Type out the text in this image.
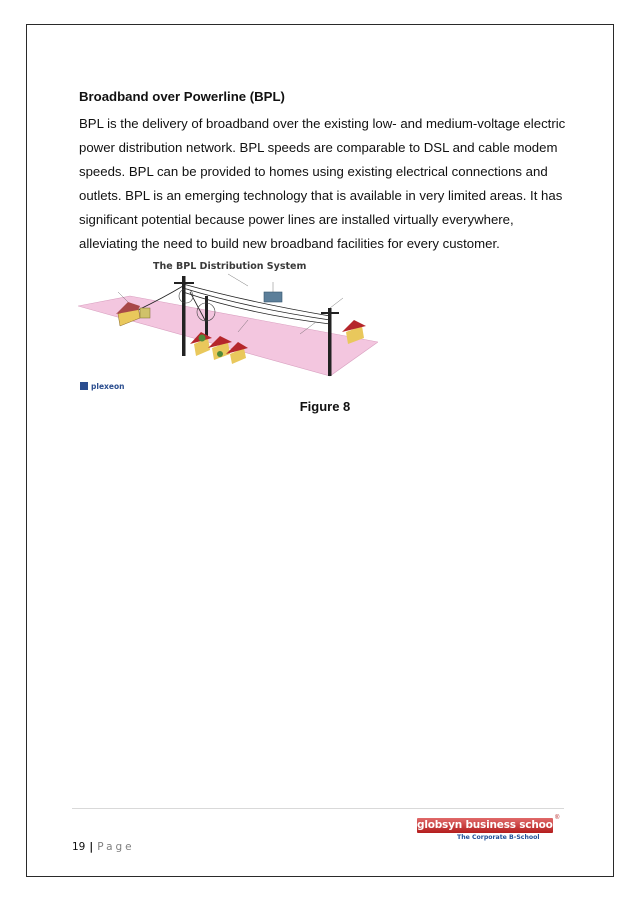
Broadband over Powerline (BPL)

BPL is the delivery of broadband over the existing low- and medium-voltage electric

power distribution network. BPL speeds are comparable to DSL and cable modem

speeds. BPL can be provided to homes using existing electrical connections and

outlets. BPL is an emerging technology that is available in very limited areas. It has

significant potential because power lines are installed virtually everywhere,

alleviating the need to build new broadband facilities for every customer.

The BPL Distribution System
plexeon
Figure 8
19 | Page
globsyn business school
®
The Corporate B-School
